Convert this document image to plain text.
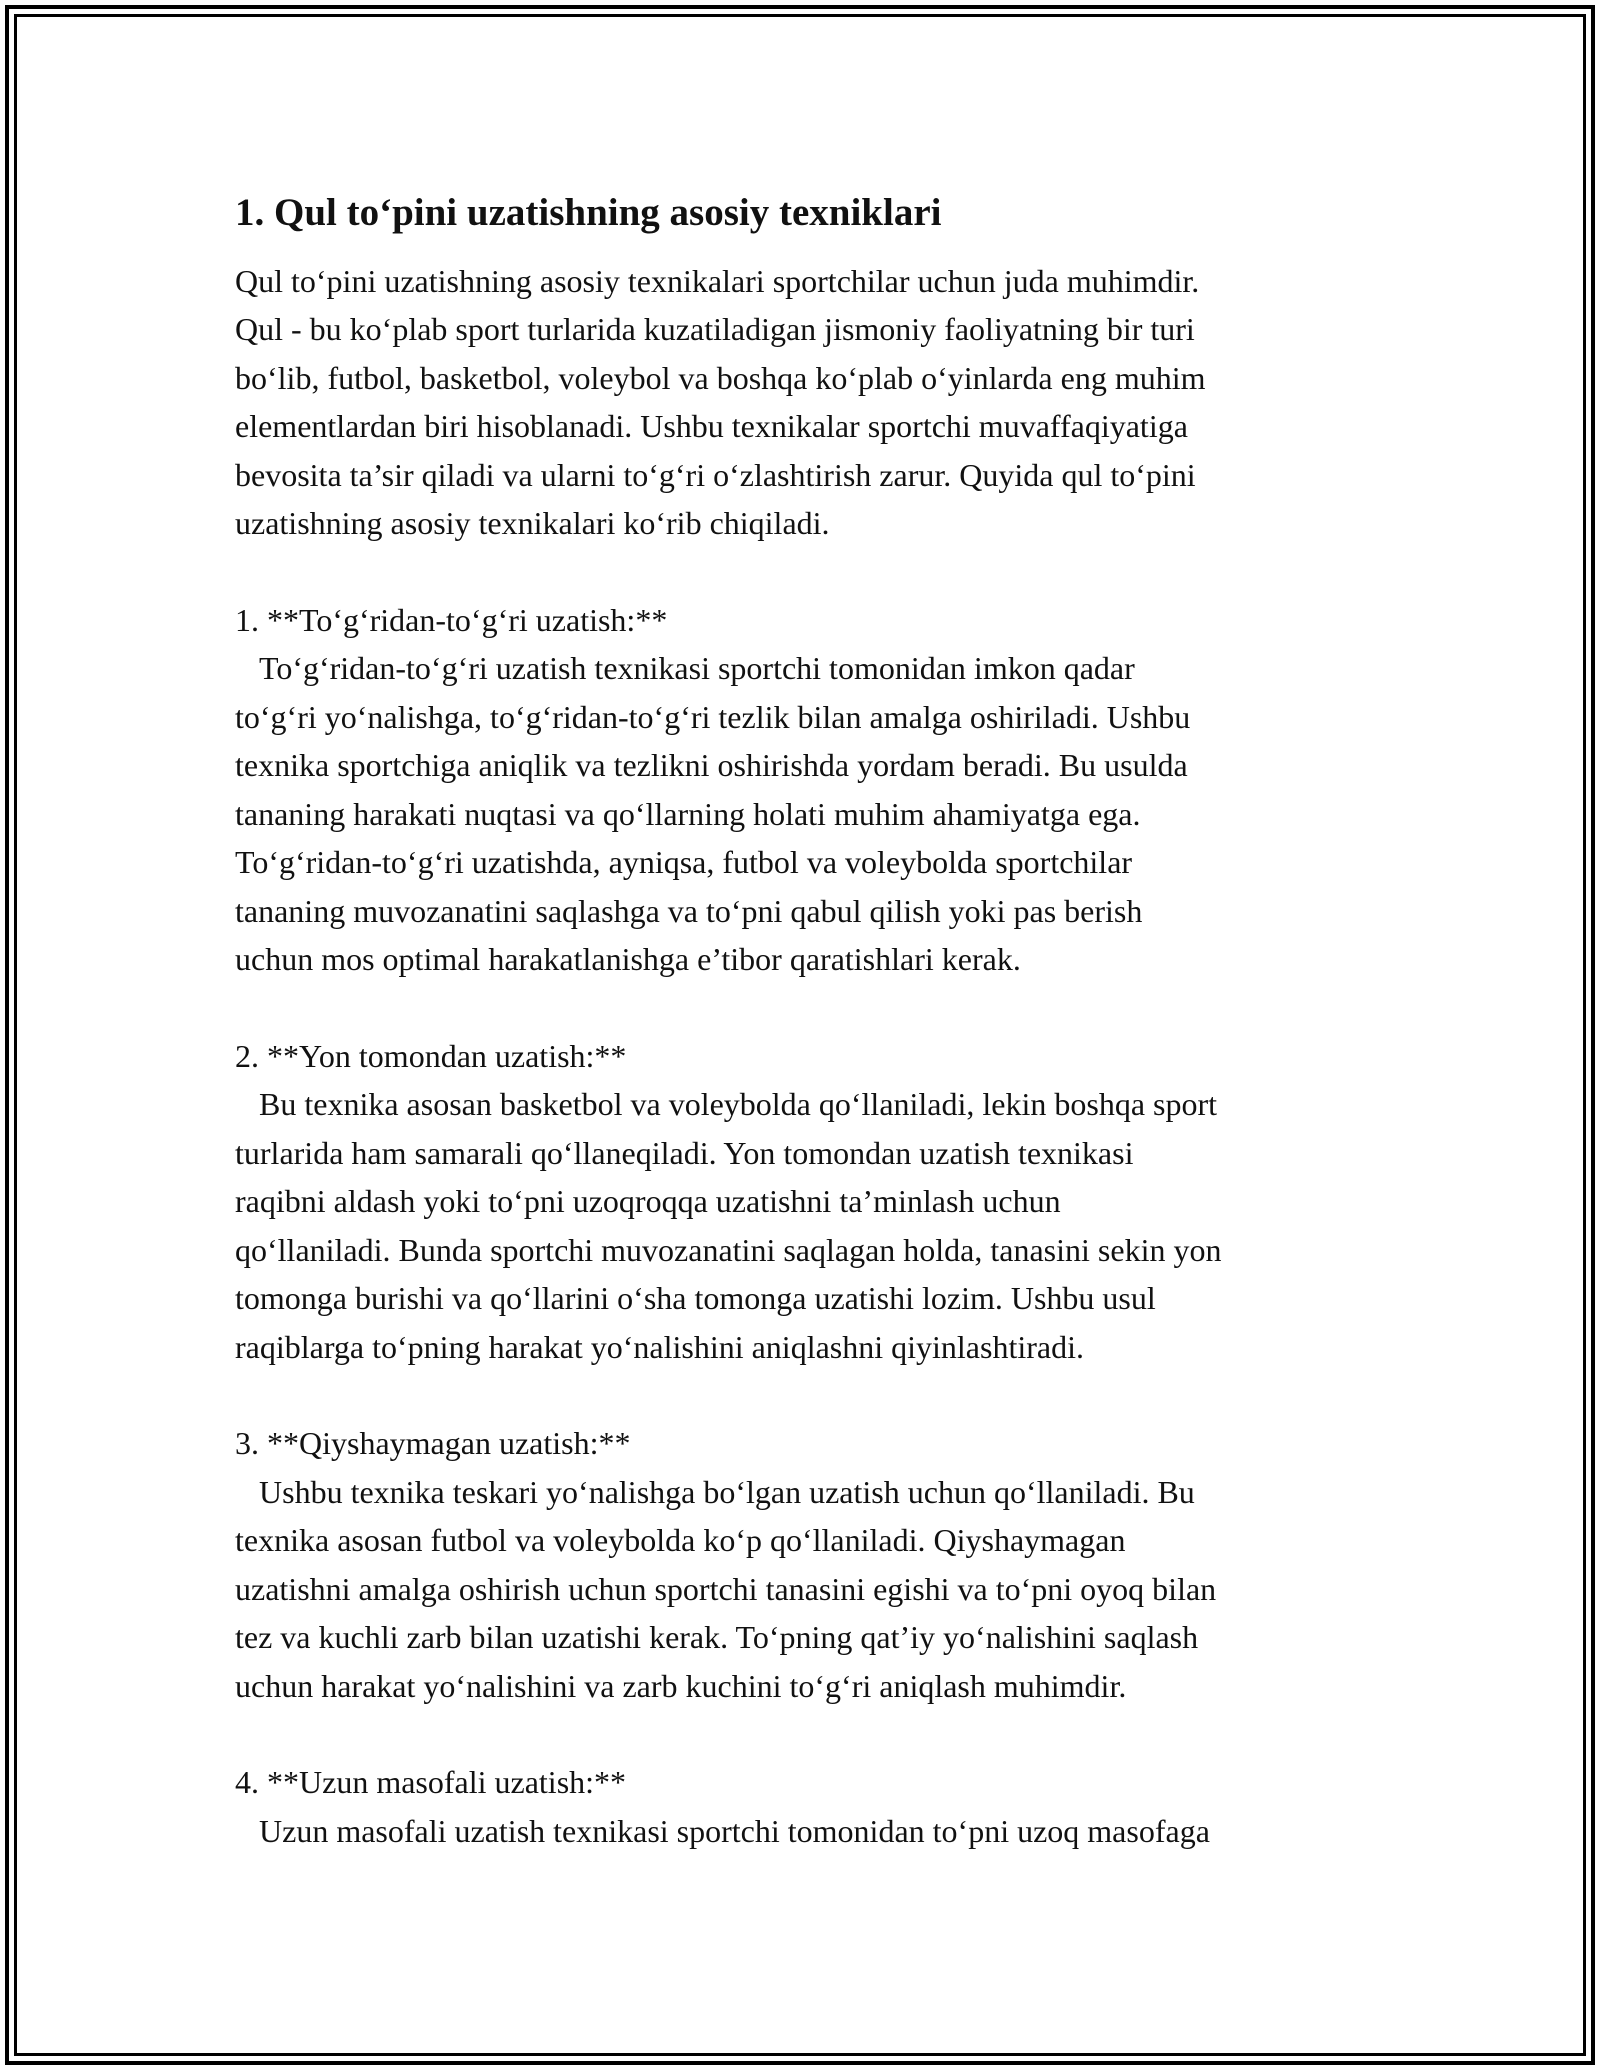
1. Qul to‘pini uzatishning asosiy texniklari

Qul to‘pini uzatishning asosiy texnikalari sportchilar uchun juda muhimdir.
Qul - bu ko‘plab sport turlarida kuzatiladigan jismoniy faoliyatning bir turi
bo‘lib, futbol, basketbol, voleybol va boshqa ko‘plab o‘yinlarda eng muhim
elementlardan biri hisoblanadi. Ushbu texnikalar sportchi muvaffaqiyatiga
bevosita ta’sir qiladi va ularni to‘g‘ri o‘zlashtirish zarur. Quyida qul to‘pini
uzatishning asosiy texnikalari ko‘rib chiqiladi.

1. **To‘g‘ridan-to‘g‘ri uzatish:**

To‘g‘ridan-to‘g‘ri uzatish texnikasi sportchi tomonidan imkon qadar
to‘g‘ri yo‘nalishga, to‘g‘ridan-to‘g‘ri tezlik bilan amalga oshiriladi. Ushbu
texnika sportchiga aniqlik va tezlikni oshirishda yordam beradi. Bu usulda
tananing harakati nuqtasi va qo‘llarning holati muhim ahamiyatga ega.
To‘g‘ridan-to‘g‘ri uzatishda, ayniqsa, futbol va voleybolda sportchilar
tananing muvozanatini saqlashga va to‘pni qabul qilish yoki pas berish
uchun mos optimal harakatlanishga e’tibor qaratishlari kerak.

2. **Yon tomondan uzatish:**

Bu texnika asosan basketbol va voleybolda qo‘llaniladi, lekin boshqa sport
turlarida ham samarali qo‘llaneqiladi. Yon tomondan uzatish texnikasi
raqibni aldash yoki to‘pni uzoqroqqa uzatishni ta’minlash uchun
qo‘llaniladi. Bunda sportchi muvozanatini saqlagan holda, tanasini sekin yon
tomonga burishi va qo‘llarini o‘sha tomonga uzatishi lozim. Ushbu usul
raqiblarga to‘pning harakat yo‘nalishini aniqlashni qiyinlashtiradi.

3. **Qiyshaymagan uzatish:**

Ushbu texnika teskari yo‘nalishga bo‘lgan uzatish uchun qo‘llaniladi. Bu
texnika asosan futbol va voleybolda ko‘p qo‘llaniladi. Qiyshaymagan
uzatishni amalga oshirish uchun sportchi tanasini egishi va to‘pni oyoq bilan
tez va kuchli zarb bilan uzatishi kerak. To‘pning qat’iy yo‘nalishini saqlash
uchun harakat yo‘nalishini va zarb kuchini to‘g‘ri aniqlash muhimdir.

4. **Uzun masofali uzatish:**

Uzun masofali uzatish texnikasi sportchi tomonidan to‘pni uzoq masofaga
